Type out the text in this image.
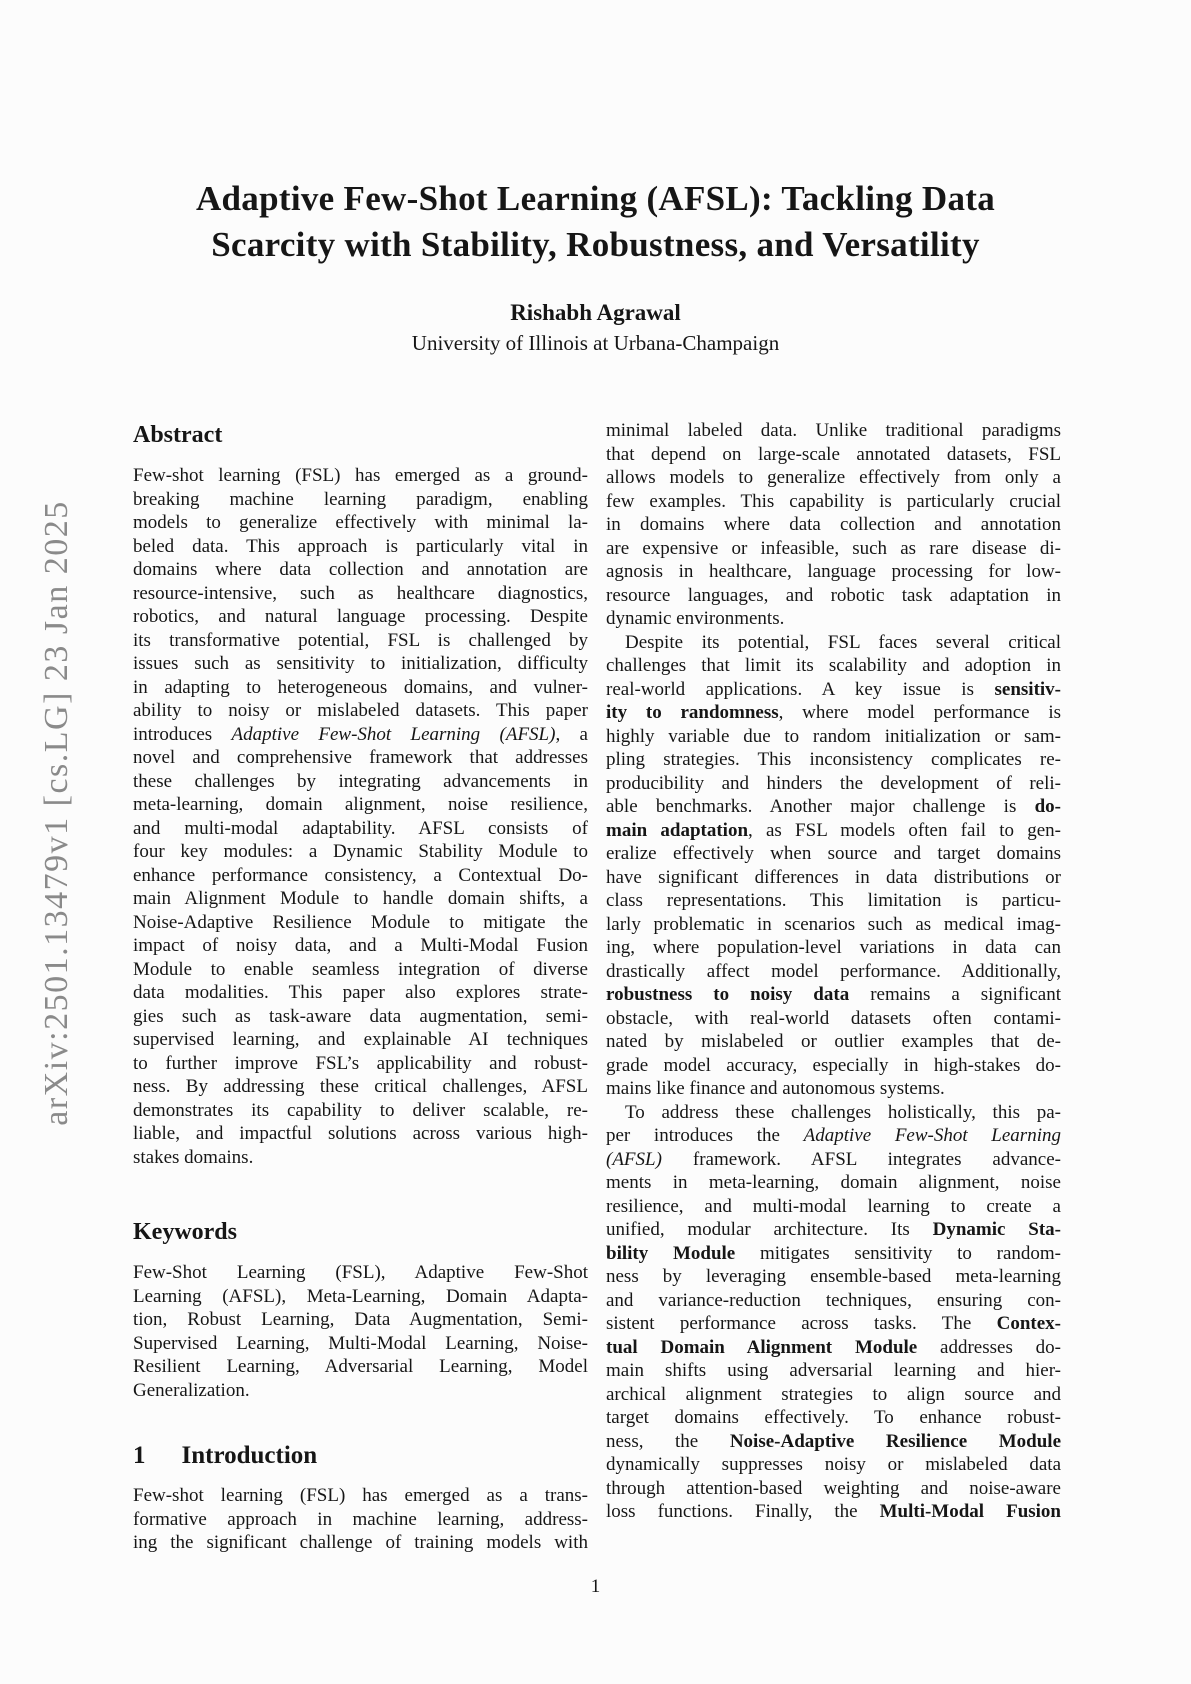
arXiv:2501.13479v1 [cs.LG] 23 Jan 2025
Adaptive Few-Shot Learning (AFSL): Tackling Data
Scarcity with Stability, Robustness, and Versatility
Rishabh Agrawal
University of Illinois at Urbana-Champaign
Abstract
Few-shot learning (FSL) has emerged as a ground-
breaking machine learning paradigm, enabling
models to generalize effectively with minimal la-
beled data. This approach is particularly vital in
domains where data collection and annotation are
resource-intensive, such as healthcare diagnostics,
robotics, and natural language processing. Despite
its transformative potential, FSL is challenged by
issues such as sensitivity to initialization, difficulty
in adapting to heterogeneous domains, and vulner-
ability to noisy or mislabeled datasets. This paper
introduces Adaptive Few-Shot Learning (AFSL), a
novel and comprehensive framework that addresses
these challenges by integrating advancements in
meta-learning, domain alignment, noise resilience,
and multi-modal adaptability. AFSL consists of
four key modules: a Dynamic Stability Module to
enhance performance consistency, a Contextual Do-
main Alignment Module to handle domain shifts, a
Noise-Adaptive Resilience Module to mitigate the
impact of noisy data, and a Multi-Modal Fusion
Module to enable seamless integration of diverse
data modalities. This paper also explores strate-
gies such as task-aware data augmentation, semi-
supervised learning, and explainable AI techniques
to further improve FSL’s applicability and robust-
ness. By addressing these critical challenges, AFSL
demonstrates its capability to deliver scalable, re-
liable, and impactful solutions across various high-
stakes domains.
Keywords
Few-Shot Learning (FSL), Adaptive Few-Shot
Learning (AFSL), Meta-Learning, Domain Adapta-
tion, Robust Learning, Data Augmentation, Semi-
Supervised Learning, Multi-Modal Learning, Noise-
Resilient Learning, Adversarial Learning, Model
Generalization.
1 Introduction
Few-shot learning (FSL) has emerged as a trans-
formative approach in machine learning, address-
ing the significant challenge of training models with
minimal labeled data. Unlike traditional paradigms
that depend on large-scale annotated datasets, FSL
allows models to generalize effectively from only a
few examples. This capability is particularly crucial
in domains where data collection and annotation
are expensive or infeasible, such as rare disease di-
agnosis in healthcare, language processing for low-
resource languages, and robotic task adaptation in
dynamic environments.
Despite its potential, FSL faces several critical
challenges that limit its scalability and adoption in
real-world applications. A key issue is sensitiv-
ity to randomness, where model performance is
highly variable due to random initialization or sam-
pling strategies. This inconsistency complicates re-
producibility and hinders the development of reli-
able benchmarks. Another major challenge is do-
main adaptation, as FSL models often fail to gen-
eralize effectively when source and target domains
have significant differences in data distributions or
class representations. This limitation is particu-
larly problematic in scenarios such as medical imag-
ing, where population-level variations in data can
drastically affect model performance. Additionally,
robustness to noisy data remains a significant
obstacle, with real-world datasets often contami-
nated by mislabeled or outlier examples that de-
grade model accuracy, especially in high-stakes do-
mains like finance and autonomous systems.
To address these challenges holistically, this pa-
per introduces the Adaptive Few-Shot Learning
(AFSL) framework. AFSL integrates advance-
ments in meta-learning, domain alignment, noise
resilience, and multi-modal learning to create a
unified, modular architecture. Its Dynamic Sta-
bility Module mitigates sensitivity to random-
ness by leveraging ensemble-based meta-learning
and variance-reduction techniques, ensuring con-
sistent performance across tasks. The Contex-
tual Domain Alignment Module addresses do-
main shifts using adversarial learning and hier-
archical alignment strategies to align source and
target domains effectively. To enhance robust-
ness, the Noise-Adaptive Resilience Module
dynamically suppresses noisy or mislabeled data
through attention-based weighting and noise-aware
loss functions. Finally, the Multi-Modal Fusion
1
